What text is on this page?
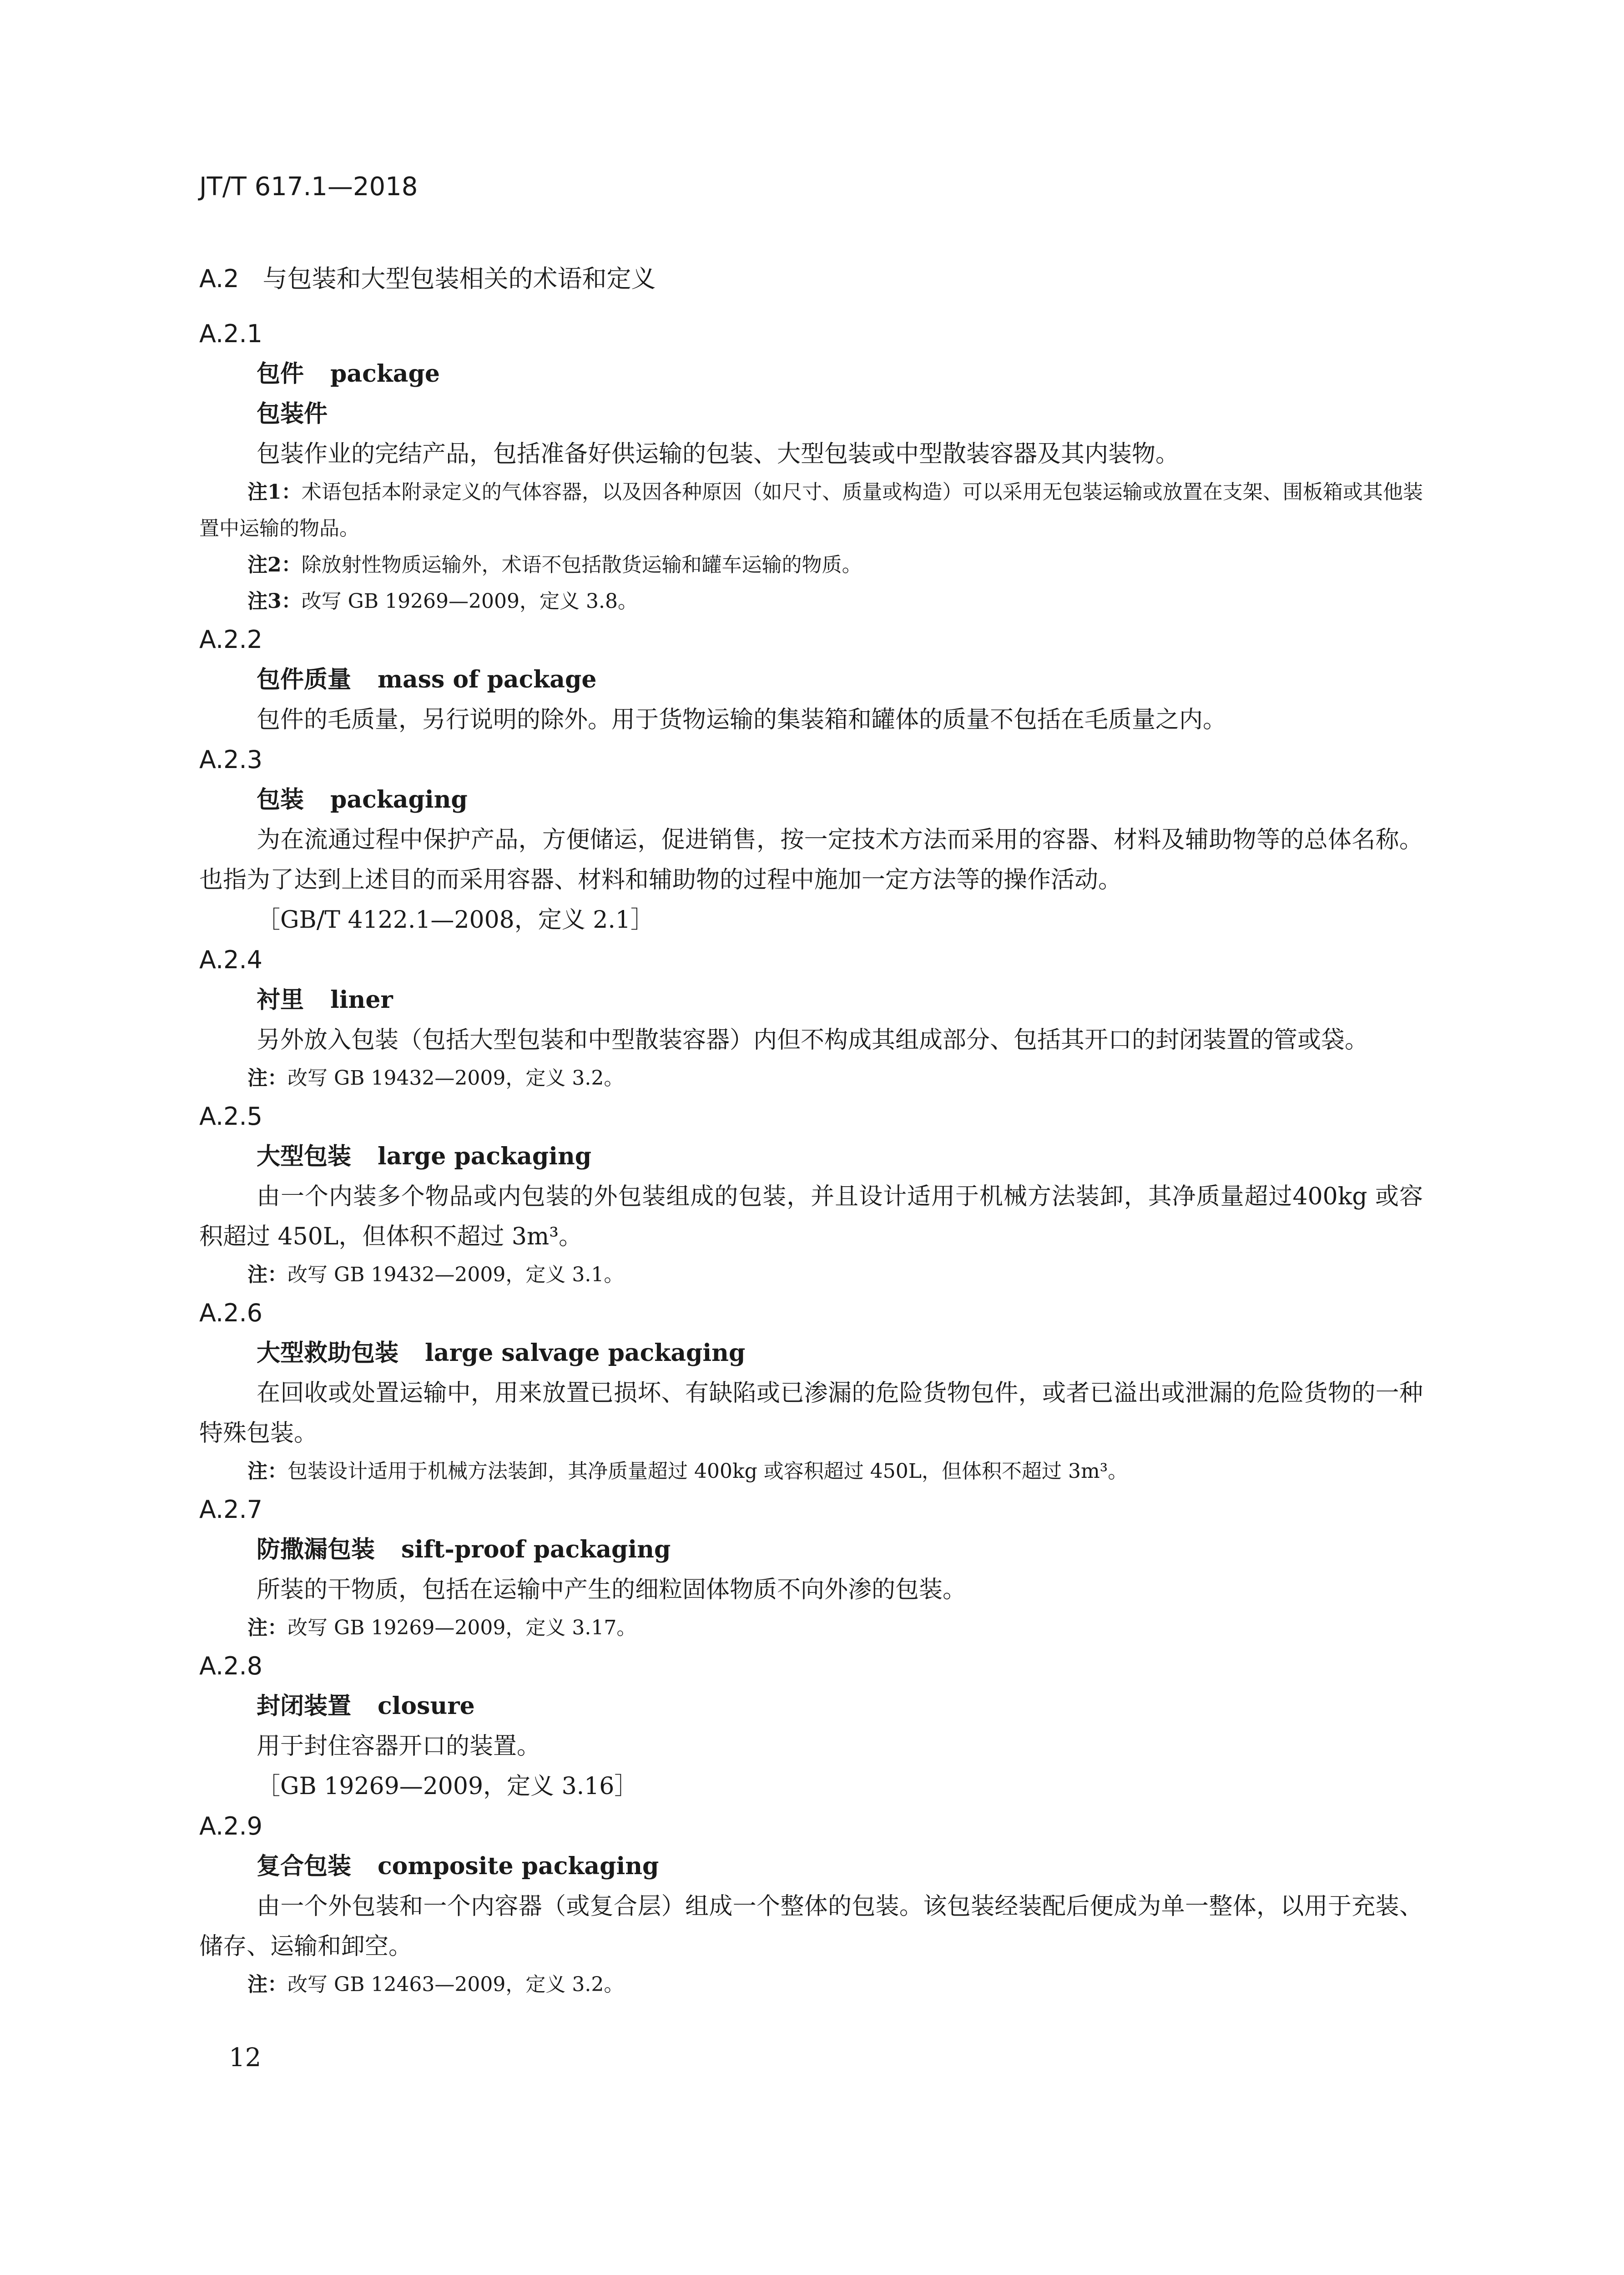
JT/T 617.1—2018
A.2 与包装和大型包装相关的术语和定义
A.2.1
包件 package
包装件
包装作业的完结产品，包括准备好供运输的包装、大型包装或中型散装容器及其内装物。
注1：术语包括本附录定义的气体容器，以及因各种原因（如尺寸、质量或构造）可以采用无包装运输或放置在支架、围板箱或其他装置中运输的物品。
注2：除放射性物质运输外，术语不包括散货运输和罐车运输的物质。
注3：改写 GB 19269—2009，定义 3.8。
A.2.2
包件质量 mass of package
包件的毛质量，另行说明的除外。用于货物运输的集装箱和罐体的质量不包括在毛质量之内。
A.2.3
包装 packaging
为在流通过程中保护产品，方便储运，促进销售，按一定技术方法而采用的容器、材料及辅助物等的总体名称。也指为了达到上述目的而采用容器、材料和辅助物的过程中施加一定方法等的操作活动。
［GB/T 4122.1—2008，定义 2.1］
A.2.4
衬里 liner
另外放入包装（包括大型包装和中型散装容器）内但不构成其组成部分、包括其开口的封闭装置的管或袋。
注：改写 GB 19432—2009，定义 3.2。
A.2.5
大型包装 large packaging
由一个内装多个物品或内包装的外包装组成的包装，并且设计适用于机械方法装卸，其净质量超过400kg 或容积超过 450L，但体积不超过 3m³。
注：改写 GB 19432—2009，定义 3.1。
A.2.6
大型救助包装 large salvage packaging
在回收或处置运输中，用来放置已损坏、有缺陷或已渗漏的危险货物包件，或者已溢出或泄漏的危险货物的一种特殊包装。
注：包装设计适用于机械方法装卸，其净质量超过 400kg 或容积超过 450L，但体积不超过 3m³。
A.2.7
防撒漏包装 sift-proof packaging
所装的干物质，包括在运输中产生的细粒固体物质不向外渗的包装。
注：改写 GB 19269—2009，定义 3.17。
A.2.8
封闭装置 closure
用于封住容器开口的装置。
［GB 19269—2009，定义 3.16］
A.2.9
复合包装 composite packaging
由一个外包装和一个内容器（或复合层）组成一个整体的包装。该包装经装配后便成为单一整体，以用于充装、储存、运输和卸空。
注：改写 GB 12463—2009，定义 3.2。
12
